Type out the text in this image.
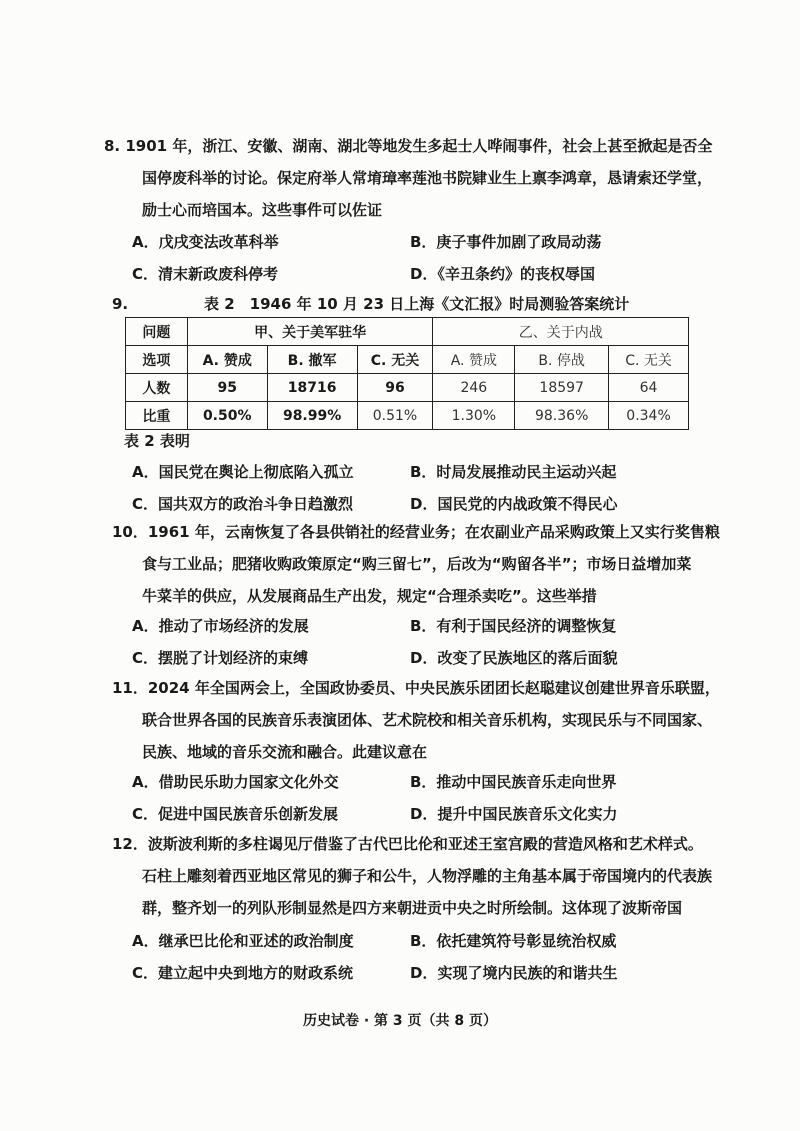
8. 1901 年，浙江、安徽、湖南、湖北等地发生多起士人哗闹事件，社会上甚至掀起是否全
国停废科举的讨论。保定府举人常堉璋率莲池书院肄业生上禀李鸿章，恳请索还学堂，
励士心而培国本。这些事件可以佐证
A．戊戌变法改革科举	B．庚子事件加剧了政局动荡
C．清末新政废科停考	D．《辛丑条约》的丧权辱国
9.	表 2　1946 年 10 月 23 日上海《文汇报》时局测验答案统计
问题	甲、关于美军驻华			乙、关于内战		
选项	A. 赞成	B. 撤军	C. 无关	A. 赞成	B. 停战	C. 无关
人数	95	18716	96	246	18597	64
比重	0.50%	98.99%	0.51%	1.30%	98.36%	0.34%
表 2 表明
A．国民党在舆论上彻底陷入孤立	B．时局发展推动民主运动兴起
C．国共双方的政治斗争日趋激烈	D．国民党的内战政策不得民心
10．1961 年，云南恢复了各县供销社的经营业务；在农副业产品采购政策上又实行奖售粮
食与工业品；肥猪收购政策原定“购三留七”，后改为“购留各半”；市场日益增加菜
牛菜羊的供应，从发展商品生产出发，规定“合理杀卖吃”。这些举措
A．推动了市场经济的发展	B．有利于国民经济的调整恢复
C．摆脱了计划经济的束缚	D．改变了民族地区的落后面貌
11．2024 年全国两会上，全国政协委员、中央民族乐团团长赵聪建议创建世界音乐联盟，
联合世界各国的民族音乐表演团体、艺术院校和相关音乐机构，实现民乐与不同国家、
民族、地域的音乐交流和融合。此建议意在
A．借助民乐助力国家文化外交	B．推动中国民族音乐走向世界
C．促进中国民族音乐创新发展	D．提升中国民族音乐文化实力
12．波斯波利斯的多柱谒见厅借鉴了古代巴比伦和亚述王室宫殿的营造风格和艺术样式。
石柱上雕刻着西亚地区常见的狮子和公牛，人物浮雕的主角基本属于帝国境内的代表族
群，整齐划一的列队形制显然是四方来朝进贡中央之时所绘制。这体现了波斯帝国
A．继承巴比伦和亚述的政治制度	B．依托建筑符号彰显统治权威
C．建立起中央到地方的财政系统	D．实现了境内民族的和谐共生
历史试卷 · 第 3 页（共 8 页）
